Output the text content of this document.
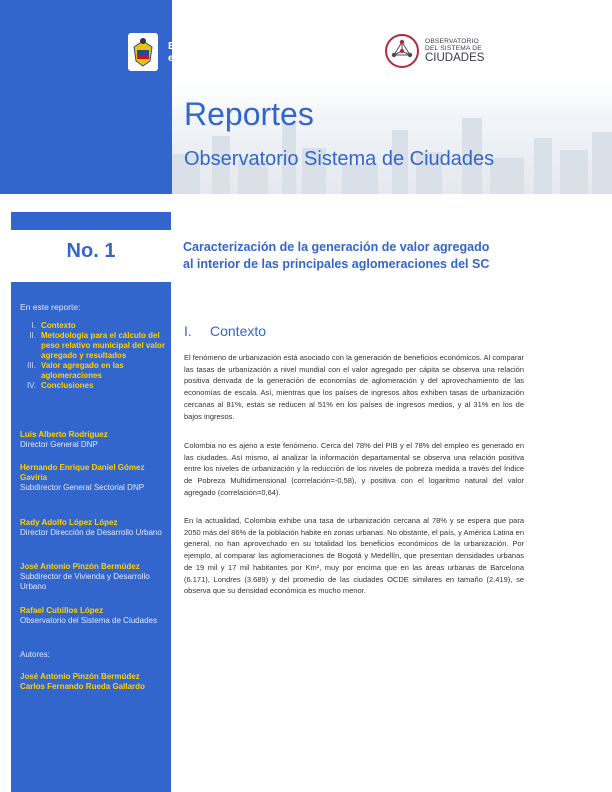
El futuro
es de todos
DNP
Departamento
Nacional de Planeación
OBSERVATORIO
DEL SISTEMA DE
CIUDADES
Reportes
Observatorio Sistema de Ciudades
No. 1
En este reporte:
I. Contexto
II. Metodología para el cálculo del peso relativo municipal del valor agregado y resultados
III. Valor agregado en las aglomeraciones
IV. Conclusiones
Luis Alberto Rodríguez
Director General DNP
Hernando Enrique Daniel Gómez Gaviria
Subdirector General Sectorial DNP
Rady Adolfo López López
Director Dirección de Desarrollo Urbano
José Antonio Pinzón Bermúdez
Subdirector de Vivienda y Desarrollo Urbano
Rafael Cubillos López
Observatorio del Sistema de Ciudades
Autores:
José Antonio Pinzón Bermúdez
Carlos Fernando Rueda Gallardo
Caracterización de la generación de valor agregado
al interior de las principales aglomeraciones del SC
I. Contexto

El fenómeno de urbanización está asociado con la generación de beneficios económicos. Al comparar las tasas de urbanización a nivel mundial con el valor agregado per cápita se observa una relación positiva derivada de la generación de economías de aglomeración y del aprovechamiento de las economías de escala. Así, mientras que los países de ingresos altos exhiben tasas de urbanización cercanas al 81%, estas se reducen al 51% en los países de ingresos medios, y al 31% en los de bajos ingresos.

Colombia no es ajeno a este fenómeno. Cerca del 78% del PIB y el 78% del empleo es generado en las ciudades. Así mismo, al analizar la información departamental se observa una relación positiva entre los niveles de urbanización y la reducción de los niveles de pobreza medida a través del Índice de Pobreza Multidimensional (correlación=-0,58), y positiva con el logaritmo natural del valor agregado (correlación=0,64).

En la actualidad, Colombia exhibe una tasa de urbanización cercana al 78% y se espera que para 2050 más del 86% de la población habite en zonas urbanas. No obstante, el país, y América Latina en general, no han aprovechado en su totalidad los beneficios económicos de la urbanización. Por ejemplo, al comparar las aglomeraciones de Bogotá y Medellín, que presentan densidades urbanas de 19 mil y 17 mil habitantes por Km², muy por encima que en las áreas urbanas de Barcelona (6.171), Londres (3.689) y del promedio de las ciudades OCDE similares en tamaño (2.419), se observa que su densidad económica es mucho menor.
